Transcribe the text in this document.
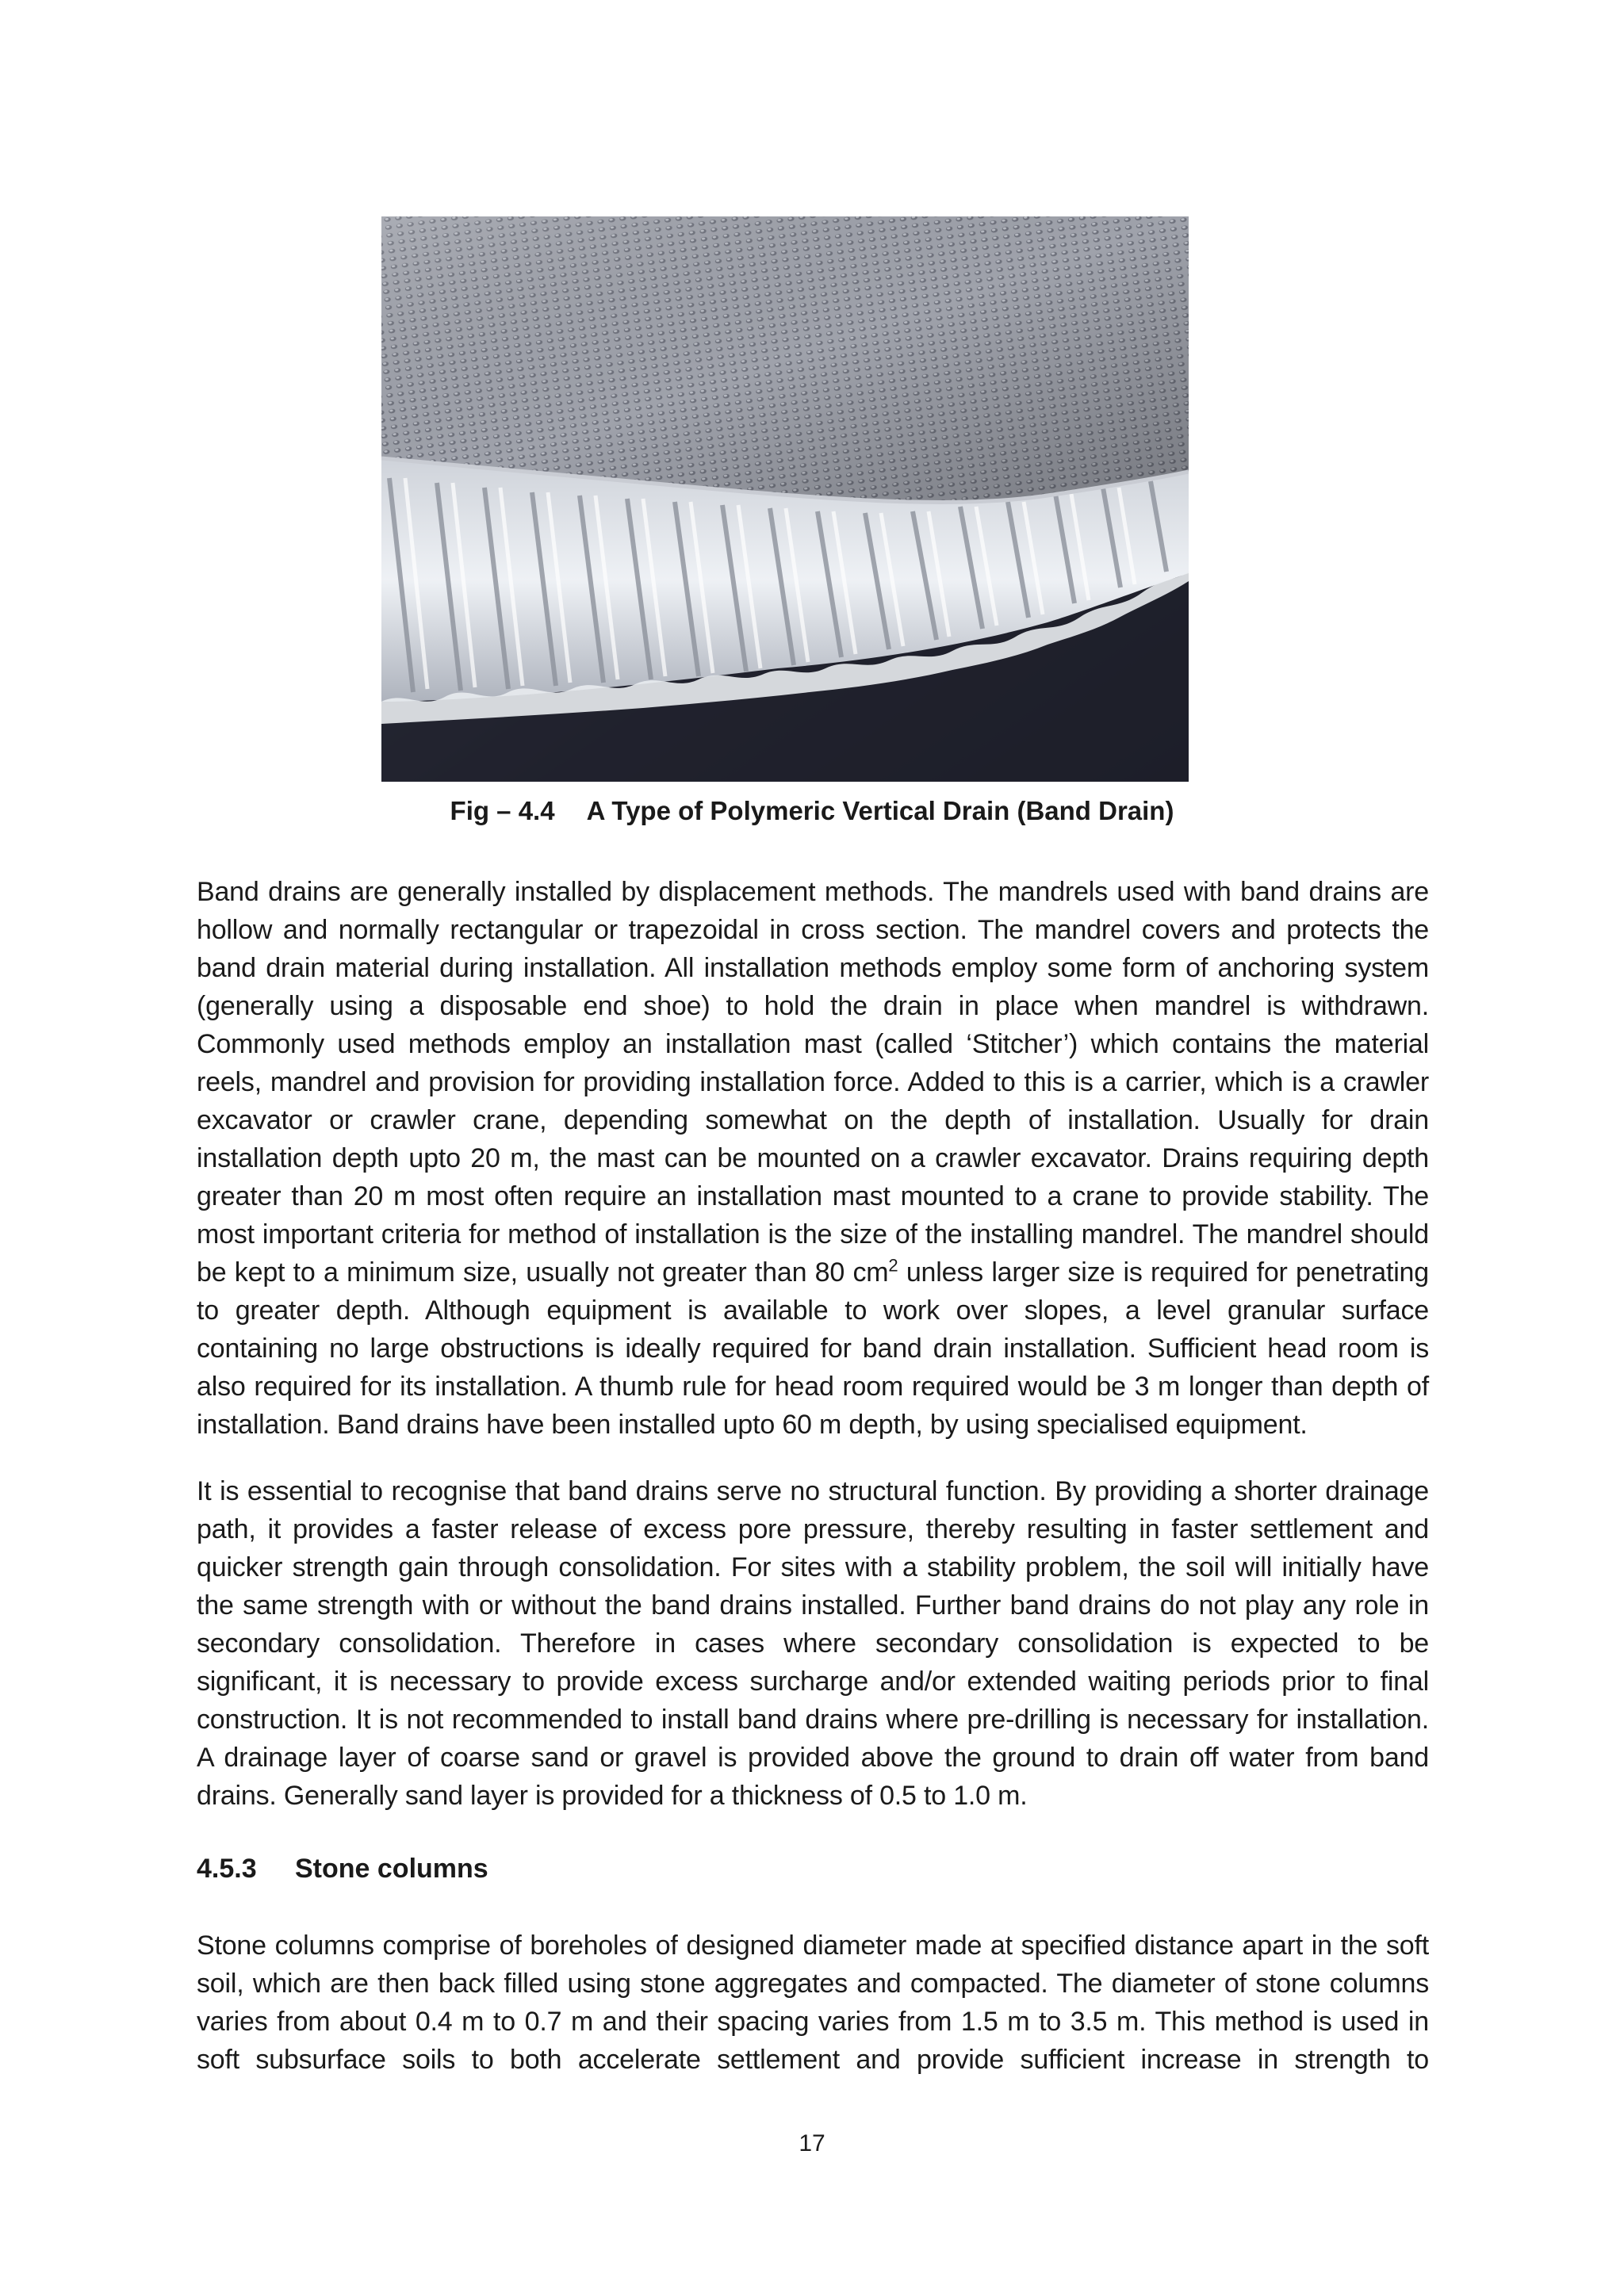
Fig – 4.4 A Type of Polymeric Vertical Drain (Band Drain)

Band drains are generally installed by displacement methods. The mandrels used with band drains are hollow and normally rectangular or trapezoidal in cross section. The mandrel covers and protects the band drain material during installation. All installation methods employ some form of anchoring system (generally using a disposable end shoe) to hold the drain in place when mandrel is withdrawn. Commonly used methods employ an installation mast (called ‘Stitcher’) which contains the material reels, mandrel and provision for providing installation force. Added to this is a carrier, which is a crawler excavator or crawler crane, depending somewhat on the depth of installation. Usually for drain installation depth upto 20 m, the mast can be mounted on a crawler excavator. Drains requiring depth greater than 20 m most often require an installation mast mounted to a crane to provide stability. The most important criteria for method of installation is the size of the installing mandrel. The mandrel should be kept to a minimum size, usually not greater than 80 $cm^2$ unless larger size is required for penetrating to greater depth. Although equipment is available to work over slopes, a level granular surface containing no large obstructions is ideally required for band drain installation. Sufficient head room is also required for its installation. A thumb rule for head room required would be 3 m longer than depth of installation. Band drains have been installed upto 60 m depth, by using specialised equipment.

It is essential to recognise that band drains serve no structural function. By providing a shorter drainage path, it provides a faster release of excess pore pressure, thereby resulting in faster settlement and quicker strength gain through consolidation. For sites with a stability problem, the soil will initially have the same strength with or without the band drains installed. Further band drains do not play any role in secondary consolidation. Therefore in cases where secondary consolidation is expected to be significant, it is necessary to provide excess surcharge and/or extended waiting periods prior to final construction. It is not recommended to install band drains where pre-drilling is necessary for installation. A drainage layer of coarse sand or gravel is provided above the ground to drain off water from band drains. Generally sand layer is provided for a thickness of 0.5 to 1.0 m.

4.5.3 Stone columns

Stone columns comprise of boreholes of designed diameter made at specified distance apart in the soft soil, which are then back filled using stone aggregates and compacted. The diameter of stone columns varies from about 0.4 m to 0.7 m and their spacing varies from 1.5 m to 3.5 m. This method is used in soft subsurface soils to both accelerate settlement and provide sufficient increase in strength to

17
